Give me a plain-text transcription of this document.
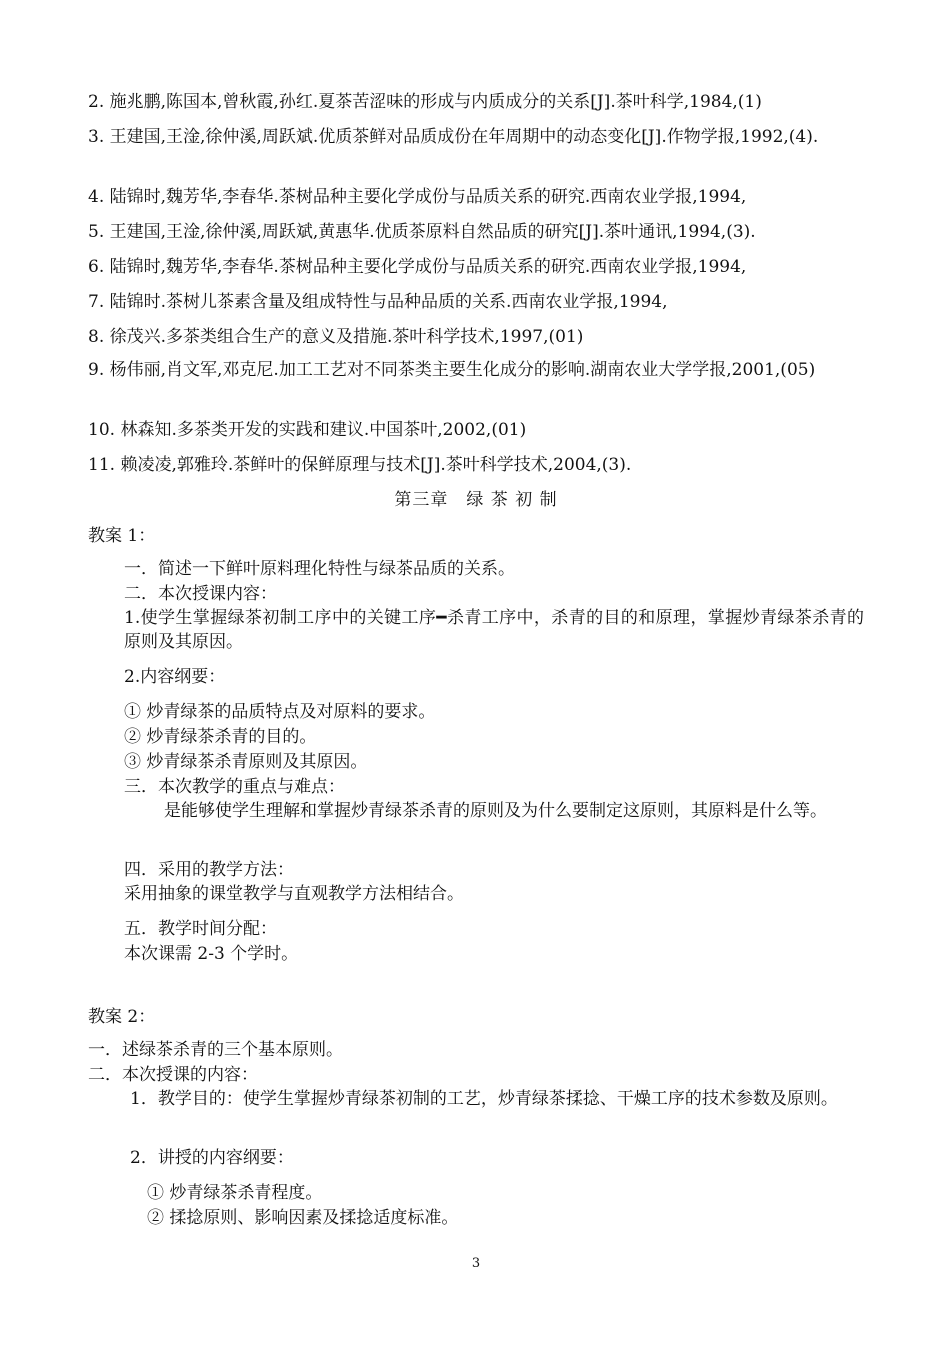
2. 施兆鹏,陈国本,曾秋霞,孙红.夏茶苦涩味的形成与内质成分的关系[J].茶叶科学,1984,(1)
3. 王建国,王淦,徐仲溪,周跃斌.优质茶鲜对品质成份在年周期中的动态变化[J].作物学报,1992,(4).
4. 陆锦时,魏芳华,李春华.茶树品种主要化学成份与品质关系的研究.西南农业学报,1994,
5. 王建国,王淦,徐仲溪,周跃斌,黄惠华.优质茶原料自然品质的研究[J].茶叶通讯,1994,(3).
6. 陆锦时,魏芳华,李春华.茶树品种主要化学成份与品质关系的研究.西南农业学报,1994,
7. 陆锦时.茶树儿茶素含量及组成特性与品种品质的关系.西南农业学报,1994,
8. 徐茂兴.多茶类组合生产的意义及措施.茶叶科学技术,1997,(01)
9. 杨伟丽,肖文军,邓克尼.加工工艺对不同茶类主要生化成分的影响.湖南农业大学学报,2001,(05)
10. 林森知.多茶类开发的实践和建议.中国茶叶,2002,(01)
11. 赖凌凌,郭雅玲.茶鲜叶的保鲜原理与技术[J].茶叶科学技术,2004,(3).
第三章　绿 茶 初 制
教案 1：
一．简述一下鲜叶原料理化特性与绿茶品质的关系。
二．本次授课内容：
1.使学生掌握绿茶初制工序中的关键工序━杀青工序中，杀青的目的和原理，掌握炒青绿茶杀青的原则及其原因。
2.内容纲要：
① 炒青绿茶的品质特点及对原料的要求。
② 炒青绿茶杀青的目的。
③ 炒青绿茶杀青原则及其原因。
三．本次教学的重点与难点：
是能够使学生理解和掌握炒青绿茶杀青的原则及为什么要制定这原则，其原料是什么等。
四．采用的教学方法：
采用抽象的课堂教学与直观教学方法相结合。
五．教学时间分配：
本次课需 2-3 个学时。
教案 2：
一．述绿茶杀青的三个基本原则。
二．本次授课的内容：
1．教学目的：使学生掌握炒青绿茶初制的工艺，炒青绿茶揉捻、干燥工序的技术参数及原则。
2．讲授的内容纲要：
① 炒青绿茶杀青程度。
② 揉捻原则、影响因素及揉捻适度标准。
3
